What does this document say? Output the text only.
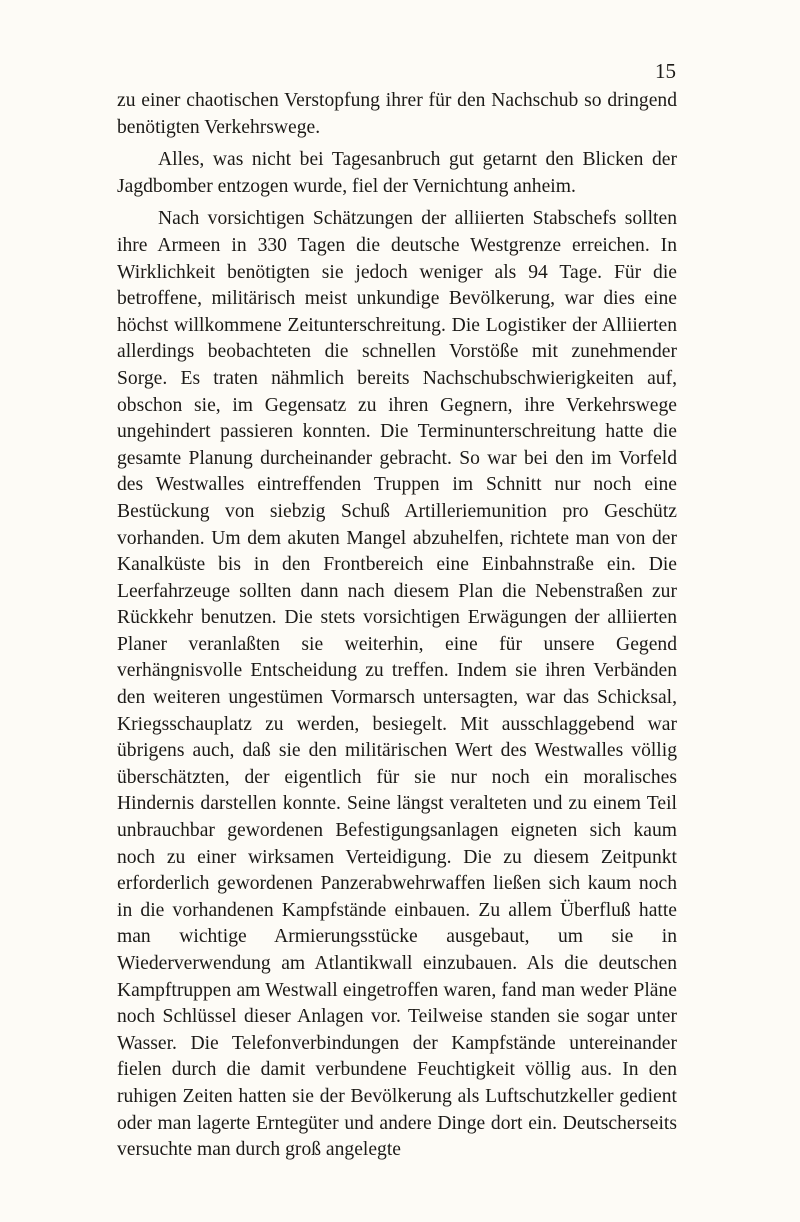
15

zu einer chaotischen Verstopfung ihrer für den Nachschub so dringend benötigten Verkehrswege.

Alles, was nicht bei Tagesanbruch gut getarnt den Blicken der Jagdbomber entzogen wurde, fiel der Vernichtung anheim.

Nach vorsichtigen Schätzungen der alliierten Stabschefs sollten ihre Armeen in 330 Tagen die deutsche Westgrenze erreichen. In Wirklichkeit benötigten sie jedoch weniger als 94 Tage. Für die betroffene, militärisch meist unkundige Bevölkerung, war dies eine höchst willkommene Zeitunterschreitung. Die Logistiker der Alliierten allerdings beobachteten die schnellen Vorstöße mit zunehmender Sorge. Es traten nähmlich bereits Nachschubschwierigkeiten auf, obschon sie, im Gegensatz zu ihren Gegnern, ihre Verkehrswege ungehindert passieren konnten. Die Terminunterschreitung hatte die gesamte Planung durcheinander gebracht. So war bei den im Vorfeld des Westwalles eintreffenden Truppen im Schnitt nur noch eine Bestückung von siebzig Schuß Artilleriemunition pro Geschütz vorhanden. Um dem akuten Mangel abzuhelfen, richtete man von der Kanalküste bis in den Frontbereich eine Einbahnstraße ein. Die Leerfahrzeuge sollten dann nach diesem Plan die Nebenstraßen zur Rückkehr benutzen. Die stets vorsichtigen Erwägungen der alliierten Planer veranlaßten sie weiterhin, eine für unsere Gegend verhängnisvolle Entscheidung zu treffen. Indem sie ihren Verbänden den weiteren ungestümen Vormarsch untersagten, war das Schicksal, Kriegsschauplatz zu werden, besiegelt. Mit ausschlaggebend war übrigens auch, daß sie den militärischen Wert des Westwalles völlig überschätzten, der eigentlich für sie nur noch ein moralisches Hindernis darstellen konnte. Seine längst veralteten und zu einem Teil unbrauchbar gewordenen Befestigungsanlagen eigneten sich kaum noch zu einer wirksamen Verteidigung. Die zu diesem Zeitpunkt erforderlich gewordenen Panzerabwehrwaffen ließen sich kaum noch in die vorhandenen Kampfstände einbauen. Zu allem Überfluß hatte man wichtige Armierungsstücke ausgebaut, um sie in Wiederverwendung am Atlantikwall einzubauen. Als die deutschen Kampftruppen am Westwall eingetroffen waren, fand man weder Pläne noch Schlüssel dieser Anlagen vor. Teilweise standen sie sogar unter Wasser. Die Telefonverbindungen der Kampfstände untereinander fielen durch die damit verbundene Feuchtigkeit völlig aus. In den ruhigen Zeiten hatten sie der Bevölkerung als Luftschutzkeller gedient oder man lagerte Erntegüter und andere Dinge dort ein. Deutscherseits versuchte man durch groß angelegte
